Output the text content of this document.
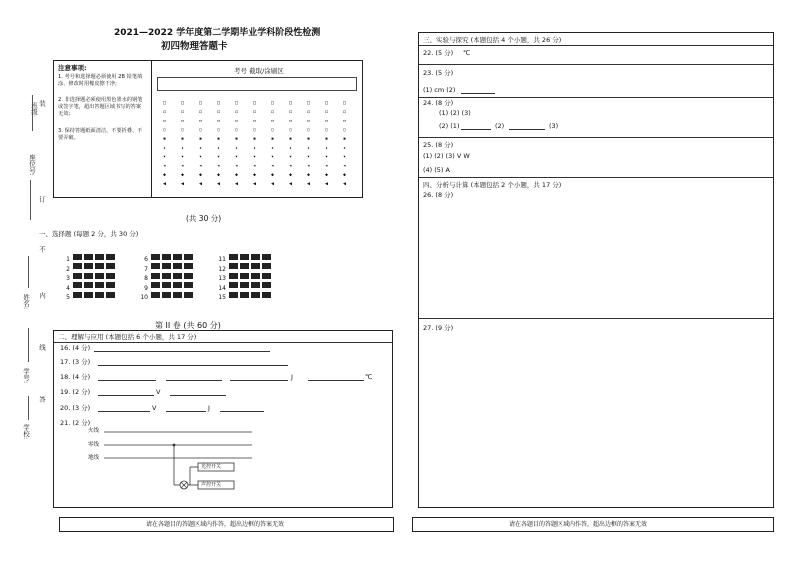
2021—2022 学年度第二学期毕业学科阶段性检测
初四物理答题卡
班级:
座位号:
姓名:
学号:
学校:
装
订
不
内
线
答
注意事项:
1. 考号和选择题必须使用 2B 铅笔填涂，修改时用橡皮擦干净;
2. 非选择题必须使用黑色墨水的钢笔或签字笔，超出答题区域书写的答案无效;
3. 保持答题纸面清洁，不要折叠、不要弄破。
考号 截取/涂刷区
□
◻
▭
▯
▪
▴
▾
◂
◆
◀
□
◻
▭
▯
▪
▴
▾
◂
◆
◀
□
◻
▭
▯
▪
▴
▾
◂
◆
◀
□
◻
▭
▯
▪
▴
▾
◂
◆
◀
□
◻
▭
▯
▪
▴
▾
◂
◆
◀
□
◻
▭
▯
▪
▴
▾
◂
◆
◀
□
◻
▭
▯
▪
▴
▾
◂
◆
◀
□
◻
▭
▯
▪
▴
▾
◂
◆
◀
□
◻
▭
▯
▪
▴
▾
◂
◆
◀
□
◻
▭
▯
▪
▴
▾
◂
◆
◀
□
◻
▭
▯
▪
▴
▾
◂
◆
◀
(共 30 分)
一、选择题 (每题 2 分，共 30 分)
1
2
3
4
5
6
7
8
9
10
11
12
13
14
15
第 II 卷 (共 60 分)
二、理解与应用 (本题包括 6 个小题，共 17 分)
16. (4 分)
17. (3 分)
18. (4 分)	J	℃
19. (2 分)	V
20. (3 分)	V	J
21. (2 分)
火线
零线
地线
光控开关
声控开关
请在各题目的答题区域内作答，超出边框的答案无效
三、实验与探究 (本题包括 4 个小题，共 26 分)
22. (5 分) ℃
23. (5 分)
(1) cm (2)
24. (8 分)
(1) (2) (3)
(2) (1)	(2)	(3)
25. (8 分)
(1) (2) (3) V W
(4) (5) A
四、分析与计算 (本题包括 2 个小题，共 17 分)
26. (8 分)
27. (9 分)
请在各题目的答题区域内作答，超出边框的答案无效
